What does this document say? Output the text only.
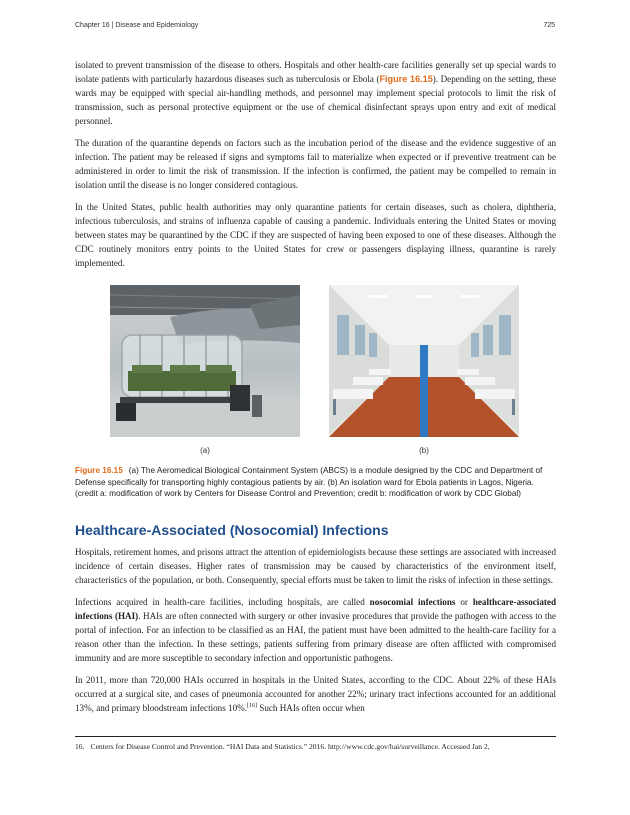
Chapter 16 | Disease and Epidemiology	725

isolated to prevent transmission of the disease to others. Hospitals and other health-care facilities generally set up special wards to isolate patients with particularly hazardous diseases such as tuberculosis or Ebola (Figure 16.15). Depending on the setting, these wards may be equipped with special air-handling methods, and personnel may implement special protocols to limit the risk of transmission, such as personal protective equipment or the use of chemical disinfectant sprays upon entry and exit of medical personnel.

The duration of the quarantine depends on factors such as the incubation period of the disease and the evidence suggestive of an infection. The patient may be released if signs and symptoms fail to materialize when expected or if preventive treatment can be administered in order to limit the risk of transmission. If the infection is confirmed, the patient may be compelled to remain in isolation until the disease is no longer considered contagious.

In the United States, public health authorities may only quarantine patients for certain diseases, such as cholera, diphtheria, infectious tuberculosis, and strains of influenza capable of causing a pandemic. Individuals entering the United States or moving between states may be quarantined by the CDC if they are suspected of having been exposed to one of these diseases. Although the CDC routinely monitors entry points to the United States for crew or passengers displaying illness, quarantine is rarely implemented.

(a)	(b)

Figure 16.15 (a) The Aeromedical Biological Containment System (ABCS) is a module designed by the CDC and Department of Defense specifically for transporting highly contagious patients by air. (b) An isolation ward for Ebola patients in Lagos, Nigeria. (credit a: modification of work by Centers for Disease Control and Prevention; credit b: modification of work by CDC Global)

Healthcare-Associated (Nosocomial) Infections

Hospitals, retirement homes, and prisons attract the attention of epidemiologists because these settings are associated with increased incidence of certain diseases. Higher rates of transmission may be caused by characteristics of the environment itself, characteristics of the population, or both. Consequently, special efforts must be taken to limit the risks of infection in these settings.

Infections acquired in health-care facilities, including hospitals, are called nosocomial infections or healthcare-associated infections (HAI). HAIs are often connected with surgery or other invasive procedures that provide the pathogen with access to the portal of infection. For an infection to be classified as an HAI, the patient must have been admitted to the health-care facility for a reason other than the infection. In these settings, patients suffering from primary disease are often afflicted with compromised immunity and are more susceptible to secondary infection and opportunistic pathogens.

In 2011, more than 720,000 HAIs occurred in hospitals in the United States, according to the CDC. About 22% of these HAIs occurred at a surgical site, and cases of pneumonia accounted for another 22%; urinary tract infections accounted for an additional 13%, and primary bloodstream infections 10%.[16] Such HAIs often occur when

16. Centers for Disease Control and Prevention. “HAI Data and Statistics.” 2016. http://www.cdc.gov/hai/surveillance. Accessed Jan 2,
